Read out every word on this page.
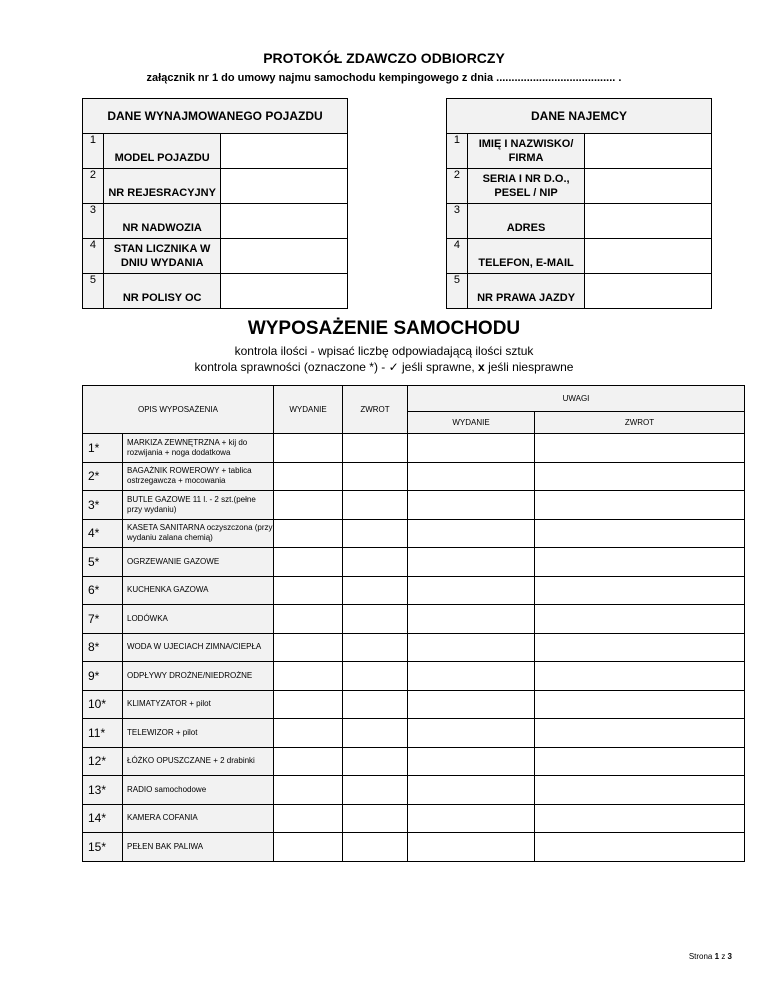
PROTOKÓŁ ZDAWCZO ODBIORCZY
załącznik nr 1 do umowy najmu samochodu kempingowego z dnia ....................................... .
DANE WYNAJMOWANEGO POJAZDU		
1	MODEL POJAZDU	
2	NR REJESRACYJNY	
3	NR NADWOZIA	
4	STAN LICZNIKA W DNIU WYDANIA	
5	NR POLISY OC	
DANE NAJEMCY		
1	IMIĘ I NAZWISKO/ FIRMA	
2	SERIA I NR D.O., PESEL / NIP	
3	ADRES	
4	TELEFON, E-MAIL	
5	NR PRAWA JAZDY	
WYPOSAŻENIE SAMOCHODU
kontrola ilości - wpisać liczbę odpowiadającą ilości sztuk
kontrola sprawności (oznaczone *) - ✓ jeśli sprawne, x jeśli niesprawne
OPIS WYPOSAŻENIA		WYDANIE	ZWROT	UWAGI	
				WYDANIE	ZWROT
1*	MARKIZA ZEWNĘTRZNA + kij do rozwijania + noga dodatkowa				
2*	BAGAŻNIK ROWEROWY + tablica ostrzegawcza + mocowania				
3*	BUTLE GAZOWE 11 l. - 2 szt.(pełne przy wydaniu)				
4*	KASETA SANITARNA oczyszczona (przy wydaniu zalana chemią)				
5*	OGRZEWANIE GAZOWE				
6*	KUCHENKA GAZOWA				
7*	LODÓWKA				
8*	WODA W UJECIACH ZIMNA/CIEPŁA				
9*	ODPŁYWY DROŻNE/NIEDROŻNE				
10*	KLIMATYZATOR + pilot				
11*	TELEWIZOR + pilot				
12*	ŁÓŻKO OPUSZCZANE + 2 drabinki				
13*	RADIO samochodowe				
14*	KAMERA COFANIA				
15*	PEŁEN BAK PALIWA				
Strona 1 z 3
